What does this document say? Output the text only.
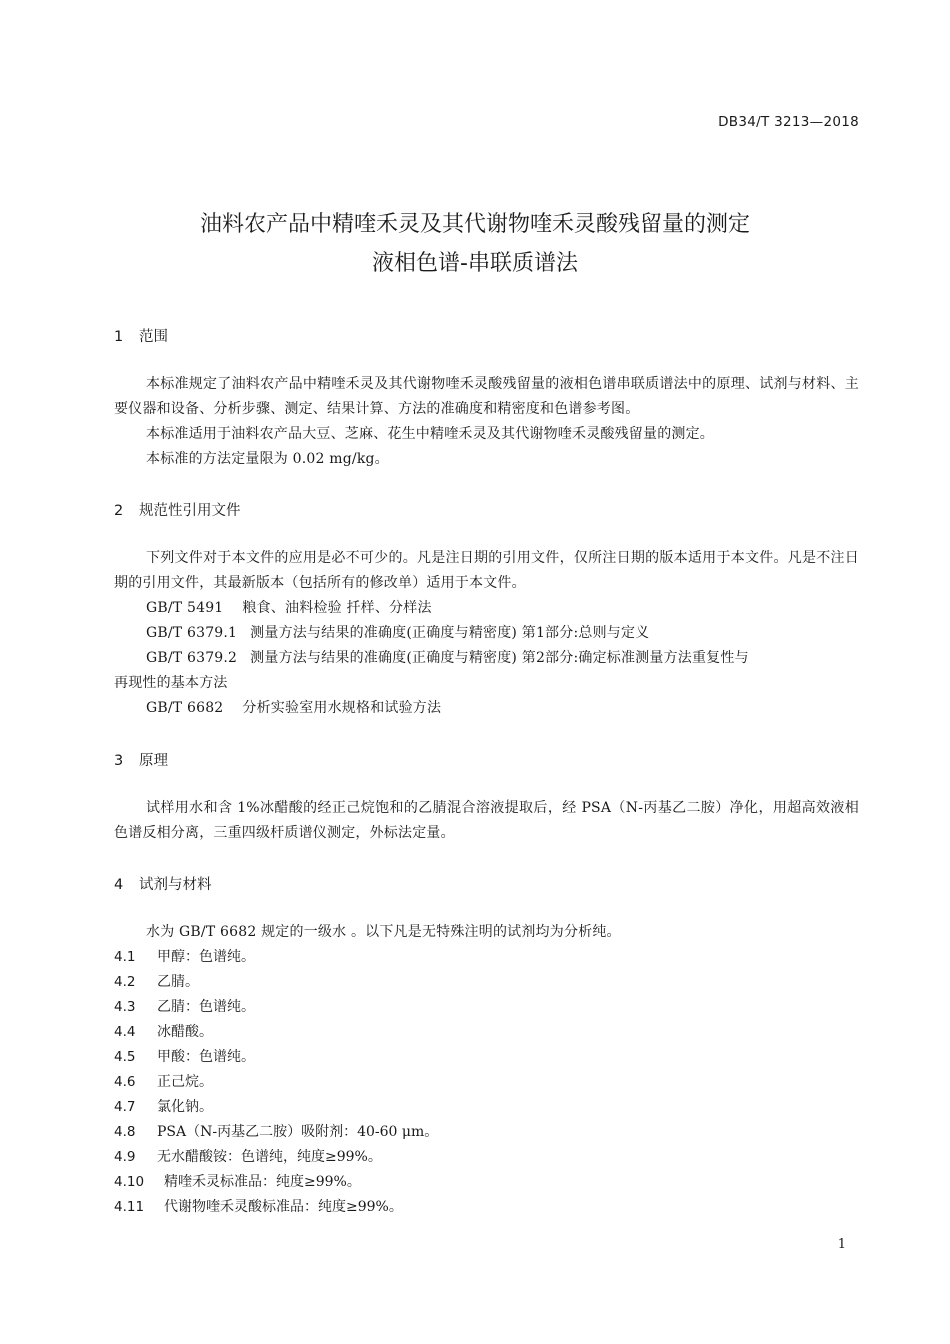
DB34/T 3213—2018
油料农产品中精喹禾灵及其代谢物喹禾灵酸残留量的测定
液相色谱-串联质谱法
1 范围
本标准规定了油料农产品中精喹禾灵及其代谢物喹禾灵酸残留量的液相色谱串联质谱法中的原理、试剂与材料、主要仪器和设备、分析步骤、测定、结果计算、方法的准确度和精密度和色谱参考图。
本标准适用于油料农产品大豆、芝麻、花生中精喹禾灵及其代谢物喹禾灵酸残留量的测定。
本标准的方法定量限为 0.02 mg/kg。
2 规范性引用文件
下列文件对于本文件的应用是必不可少的。凡是注日期的引用文件，仅所注日期的版本适用于本文件。凡是不注日期的引用文件，其最新版本（包括所有的修改单）适用于本文件。
GB/T 5491 粮食、油料检验 扦样、分样法
GB/T 6379.1 测量方法与结果的准确度(正确度与精密度) 第1部分:总则与定义
GB/T 6379.2 测量方法与结果的准确度(正确度与精密度) 第2部分:确定标准测量方法重复性与
再现性的基本方法
GB/T 6682 分析实验室用水规格和试验方法
3 原理
试样用水和含 1%冰醋酸的经正己烷饱和的乙腈混合溶液提取后，经 PSA（N-丙基乙二胺）净化，用超高效液相色谱反相分离，三重四级杆质谱仪测定，外标法定量。
4 试剂与材料
水为 GB/T 6682 规定的一级水 。以下凡是无特殊注明的试剂均为分析纯。
4.1 甲醇：色谱纯。
4.2 乙腈。
4.3 乙腈：色谱纯。
4.4 冰醋酸。
4.5 甲酸：色谱纯。
4.6 正己烷。
4.7 氯化钠。
4.8 PSA（N-丙基乙二胺）吸附剂：40-60 μm。
4.9 无水醋酸铵：色谱纯，纯度≥99%。
4.10 精喹禾灵标准品：纯度≥99%。
4.11 代谢物喹禾灵酸标准品：纯度≥99%。
1
